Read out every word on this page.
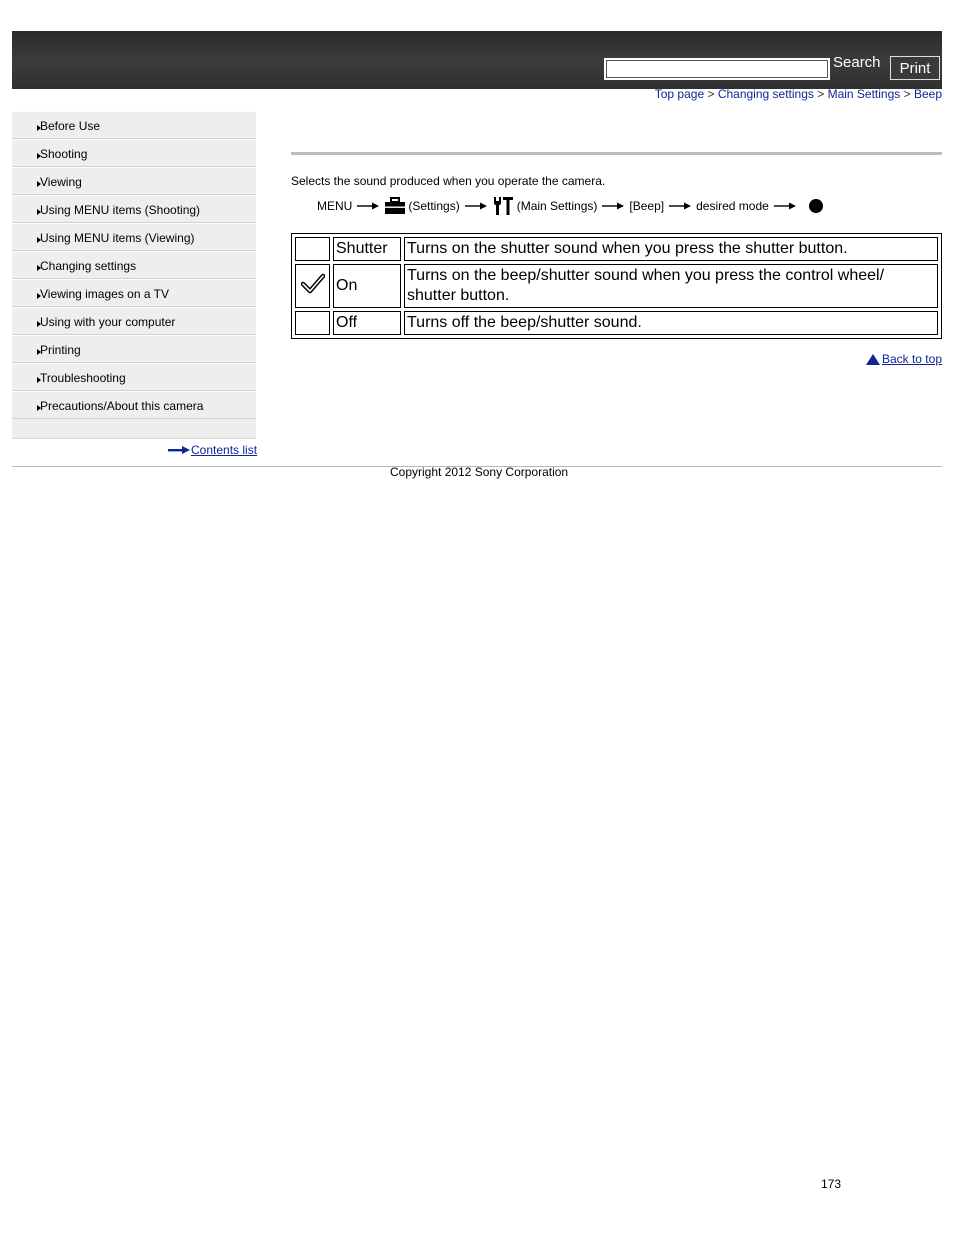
Search	Print
Top page > Changing settings > Main Settings > Beep
Before Use
Shooting
Viewing
Using MENU items (Shooting)
Using MENU items (Viewing)
Changing settings
Viewing images on a TV
Using with your computer
Printing
Troubleshooting
Precautions/About this camera
Contents list
Selects the sound produced when you operate the camera.
MENU	(Settings)	(Main Settings)	[Beep]	desired mode
	Shutter	Turns on the shutter sound when you press the shutter button.
	On	Turns on the beep/shutter sound when you press the control wheel/ shutter button.
	Off	Turns off the beep/shutter sound.
Back to top
Copyright 2012 Sony Corporation
173
